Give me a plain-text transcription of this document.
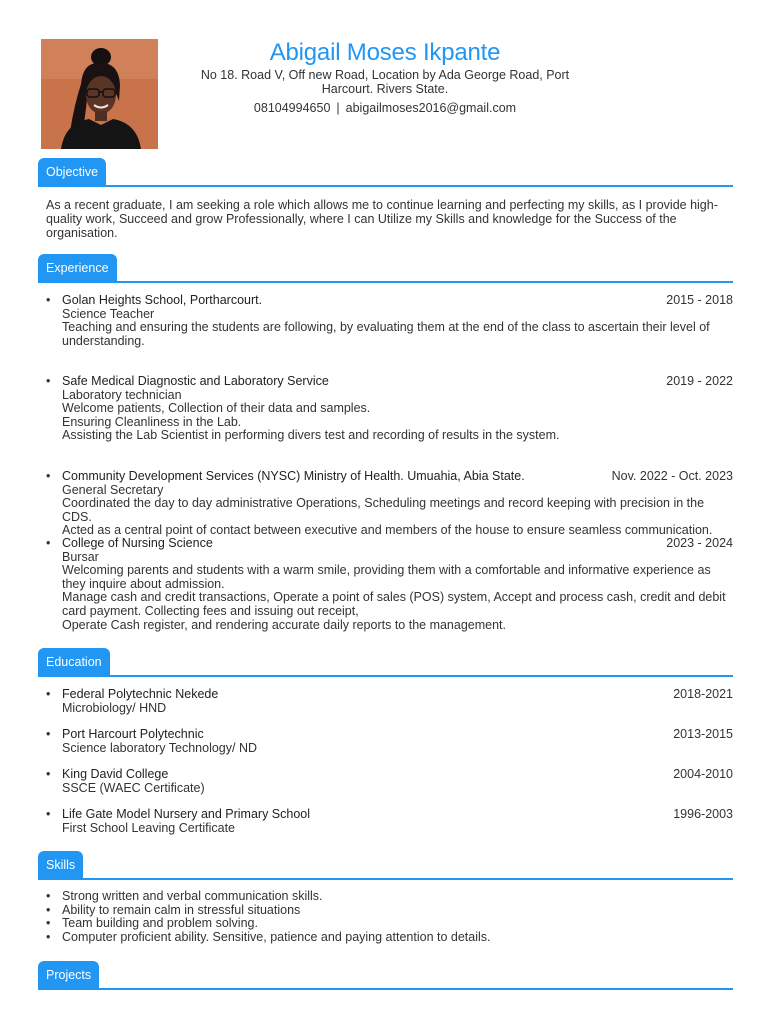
Abigail Moses Ikpante
No 18. Road V, Off new Road, Location by Ada George Road, Port
Harcourt. Rivers State.
08104994650 | abigailmoses2016@gmail.com
Objective
As a recent graduate, I am seeking a role which allows me to continue learning and perfecting my skills, as I provide high-
quality work, Succeed and grow Professionally, where I can Utilize my Skills and knowledge for the Success of the
organisation.
Experience
• Golan Heights School, Portharcourt.	2015 - 2018
Science Teacher
Teaching and ensuring the students are following, by evaluating them at the end of the class to ascertain their level of
understanding.
• Safe Medical Diagnostic and Laboratory Service	2019 - 2022
Laboratory technician
Welcome patients, Collection of their data and samples.
Ensuring Cleanliness in the Lab.
Assisting the Lab Scientist in performing divers test and recording of results in the system.
• Community Development Services (NYSC) Ministry of Health. Umuahia, Abia State.	Nov. 2022 - Oct. 2023
General Secretary
Coordinated the day to day administrative Operations, Scheduling meetings and record keeping with precision in the CDS.
Acted as a central point of contact between executive and members of the house to ensure seamless communication.
• College of Nursing Science	2023 - 2024
Bursar
Welcoming parents and students with a warm smile, providing them with a comfortable and informative experience as
they inquire about admission.
Manage cash and credit transactions, Operate a point of sales (POS) system, Accept and process cash, credit and debit
card payment. Collecting fees and issuing out receipt,
Operate Cash register, and rendering accurate daily reports to the management.
Education
• Federal Polytechnic Nekede	2018-2021
Microbiology/ HND
• Port Harcourt Polytechnic	2013-2015
Science laboratory Technology/ ND
• King David College	2004-2010
SSCE (WAEC Certificate)
• Life Gate Model Nursery and Primary School	1996-2003
First School Leaving Certificate
Skills
• Strong written and verbal communication skills.
• Ability to remain calm in stressful situations
• Team building and problem solving.
• Computer proficient ability. Sensitive, patience and paying attention to details.
Projects
